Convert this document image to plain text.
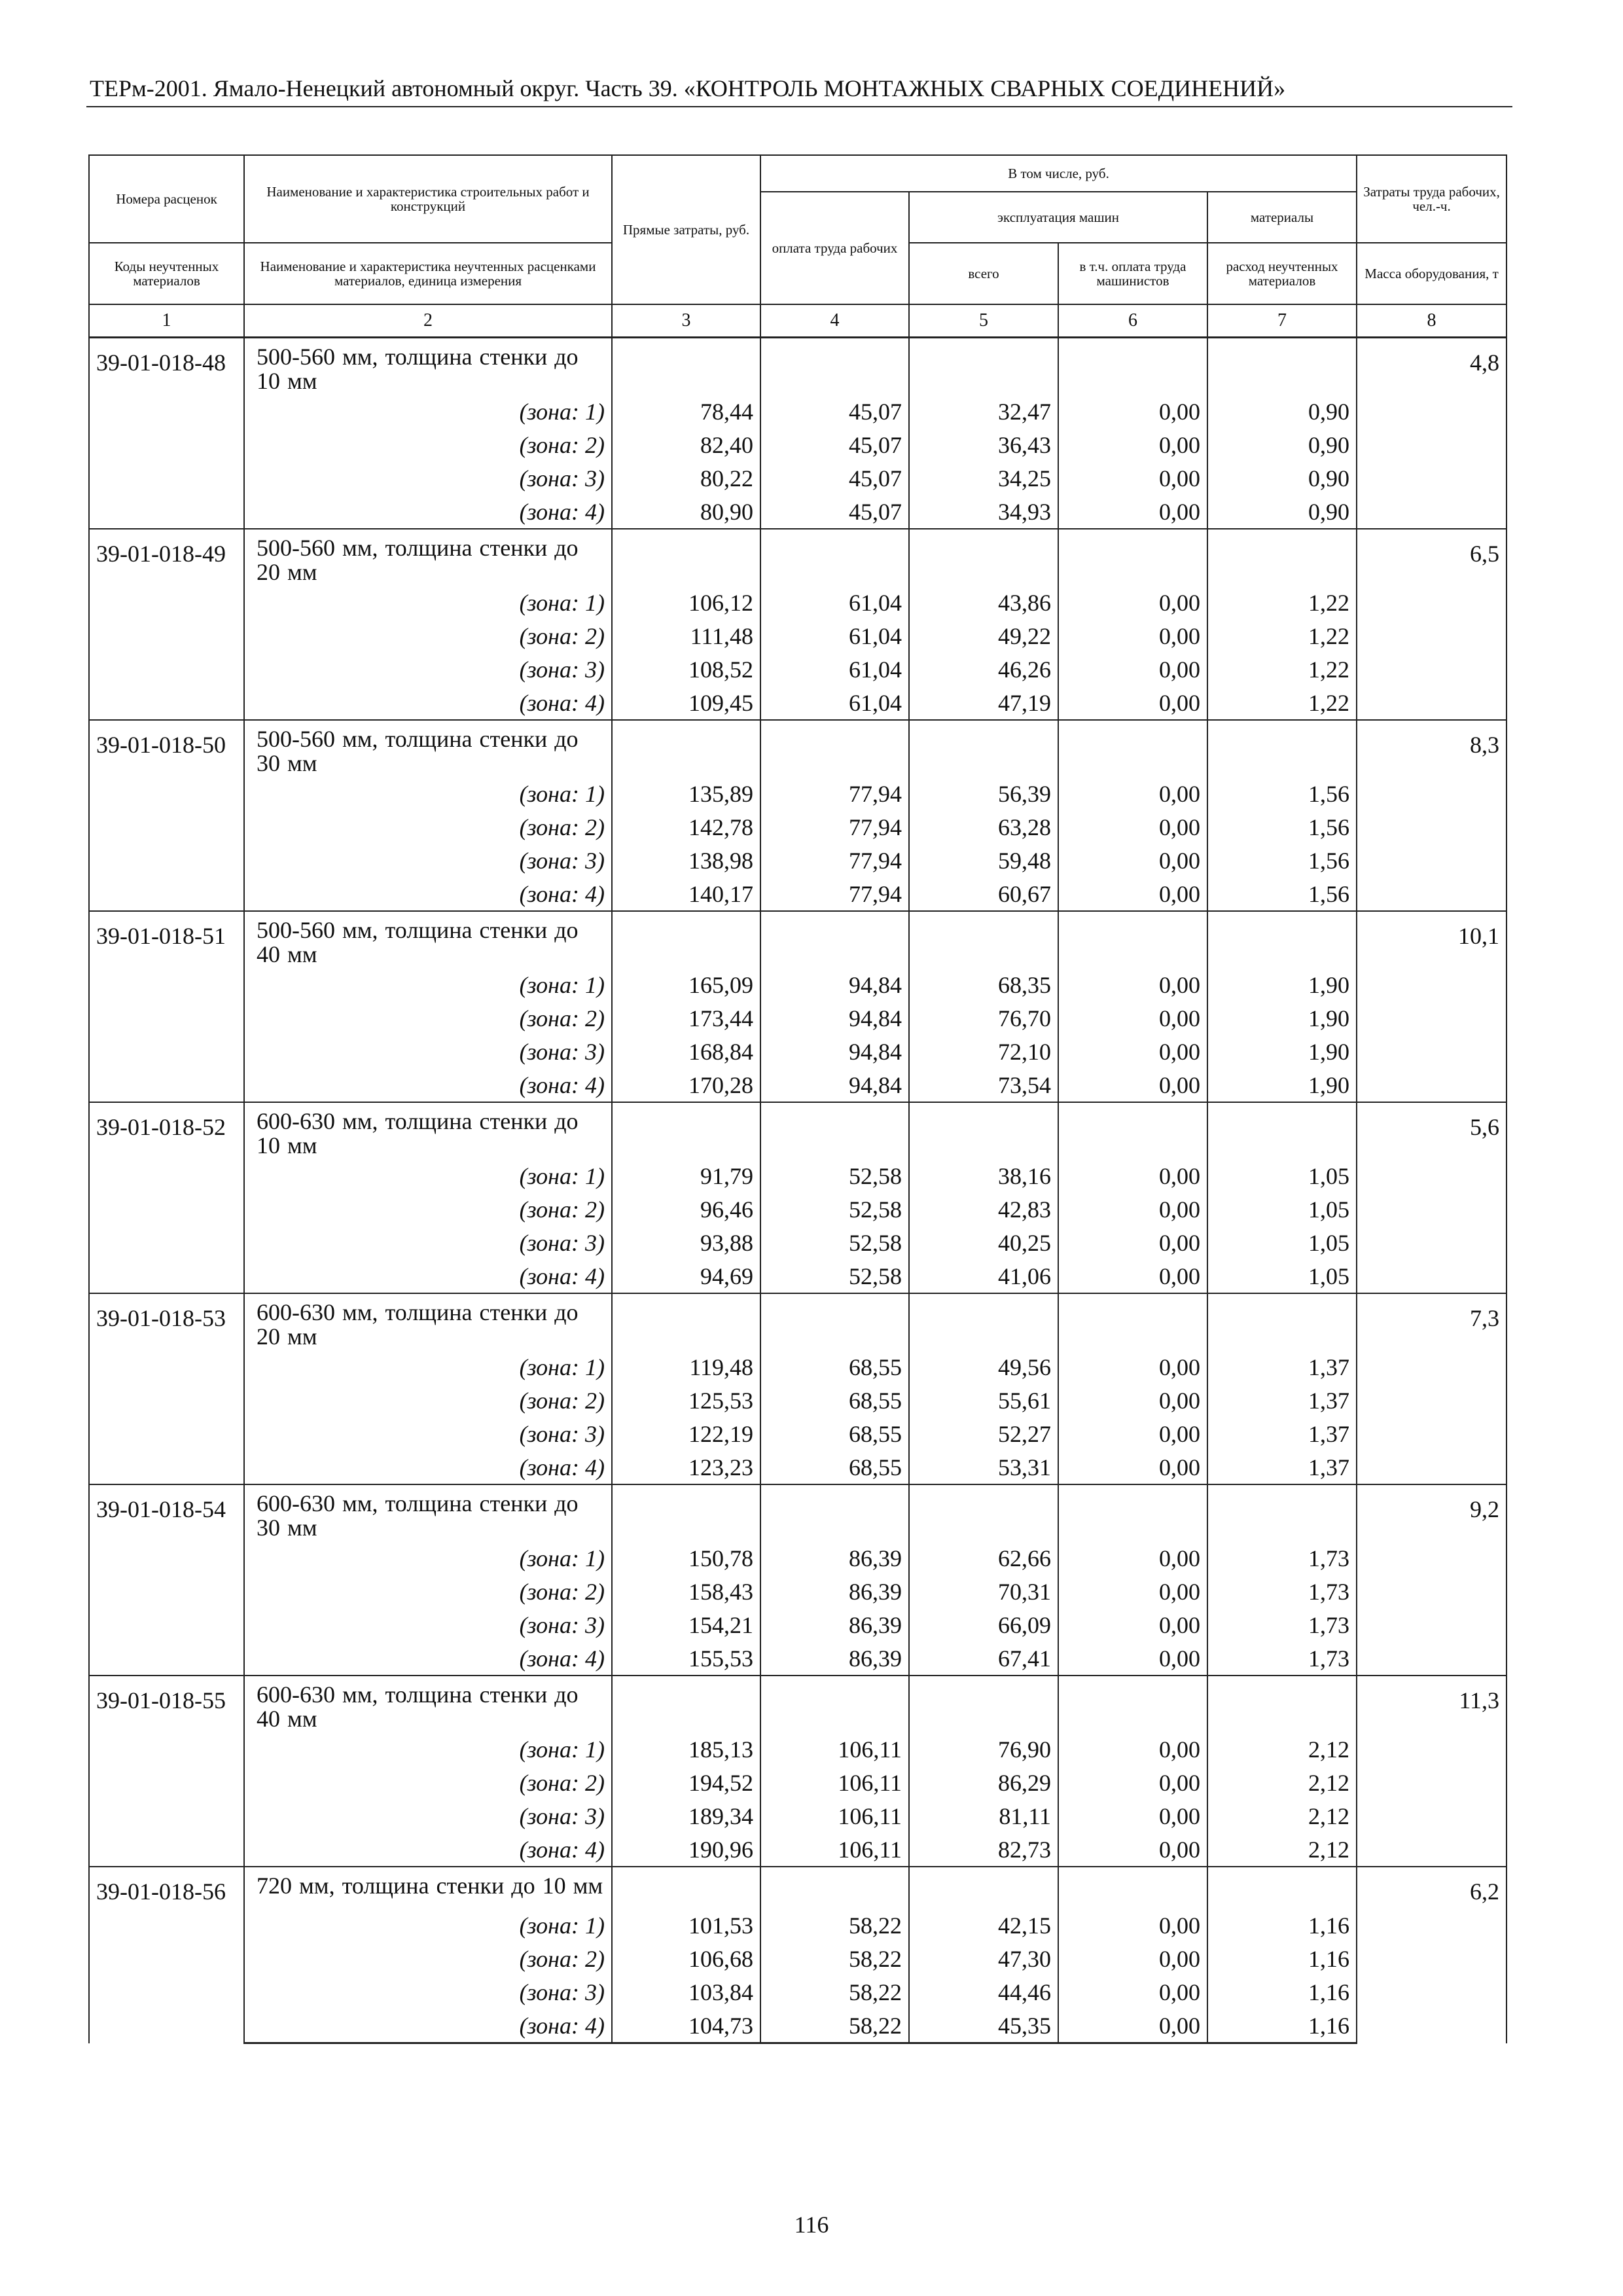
ТЕРм-2001. Ямало-Ненецкий автономный округ. Часть 39. «КОНТРОЛЬ МОНТАЖНЫХ СВАРНЫХ СОЕДИНЕНИЙ»
Номера расценок	Наименование и характеристика строительных работ и конструкций	Прямые затраты, руб.	В том числе, руб.				Затраты труда рабочих, чел.-ч.
			оплата труда рабочих	эксплуатация машин		материалы	
Коды неучтенных материалов	Наименование и характеристика неучтенных расценками материалов, единица измерения			всего	в т.ч. оплата труда машинистов	расход неучтенных материалов	Масса оборудования, т
1	2	3	4	5	6	7	8
39-01-018-48	500-560 мм, толщина стенки до 10 мм						4,8
	(зона: 1)	78,44	45,07	32,47	0,00	0,90	
	(зона: 2)	82,40	45,07	36,43	0,00	0,90	
	(зона: 3)	80,22	45,07	34,25	0,00	0,90	
	(зона: 4)	80,90	45,07	34,93	0,00	0,90	
39-01-018-49	500-560 мм, толщина стенки до 20 мм						6,5
	(зона: 1)	106,12	61,04	43,86	0,00	1,22	
	(зона: 2)	111,48	61,04	49,22	0,00	1,22	
	(зона: 3)	108,52	61,04	46,26	0,00	1,22	
	(зона: 4)	109,45	61,04	47,19	0,00	1,22	
39-01-018-50	500-560 мм, толщина стенки до 30 мм						8,3
	(зона: 1)	135,89	77,94	56,39	0,00	1,56	
	(зона: 2)	142,78	77,94	63,28	0,00	1,56	
	(зона: 3)	138,98	77,94	59,48	0,00	1,56	
	(зона: 4)	140,17	77,94	60,67	0,00	1,56	
39-01-018-51	500-560 мм, толщина стенки до 40 мм						10,1
	(зона: 1)	165,09	94,84	68,35	0,00	1,90	
	(зона: 2)	173,44	94,84	76,70	0,00	1,90	
	(зона: 3)	168,84	94,84	72,10	0,00	1,90	
	(зона: 4)	170,28	94,84	73,54	0,00	1,90	
39-01-018-52	600-630 мм, толщина стенки до 10 мм						5,6
	(зона: 1)	91,79	52,58	38,16	0,00	1,05	
	(зона: 2)	96,46	52,58	42,83	0,00	1,05	
	(зона: 3)	93,88	52,58	40,25	0,00	1,05	
	(зона: 4)	94,69	52,58	41,06	0,00	1,05	
39-01-018-53	600-630 мм, толщина стенки до 20 мм						7,3
	(зона: 1)	119,48	68,55	49,56	0,00	1,37	
	(зона: 2)	125,53	68,55	55,61	0,00	1,37	
	(зона: 3)	122,19	68,55	52,27	0,00	1,37	
	(зона: 4)	123,23	68,55	53,31	0,00	1,37	
39-01-018-54	600-630 мм, толщина стенки до 30 мм						9,2
	(зона: 1)	150,78	86,39	62,66	0,00	1,73	
	(зона: 2)	158,43	86,39	70,31	0,00	1,73	
	(зона: 3)	154,21	86,39	66,09	0,00	1,73	
	(зона: 4)	155,53	86,39	67,41	0,00	1,73	
39-01-018-55	600-630 мм, толщина стенки до 40 мм						11,3
	(зона: 1)	185,13	106,11	76,90	0,00	2,12	
	(зона: 2)	194,52	106,11	86,29	0,00	2,12	
	(зона: 3)	189,34	106,11	81,11	0,00	2,12	
	(зона: 4)	190,96	106,11	82,73	0,00	2,12	
39-01-018-56	720 мм, толщина стенки до 10 мм						6,2
	(зона: 1)	101,53	58,22	42,15	0,00	1,16	
	(зона: 2)	106,68	58,22	47,30	0,00	1,16	
	(зона: 3)	103,84	58,22	44,46	0,00	1,16	
	(зона: 4)	104,73	58,22	45,35	0,00	1,16	
116
